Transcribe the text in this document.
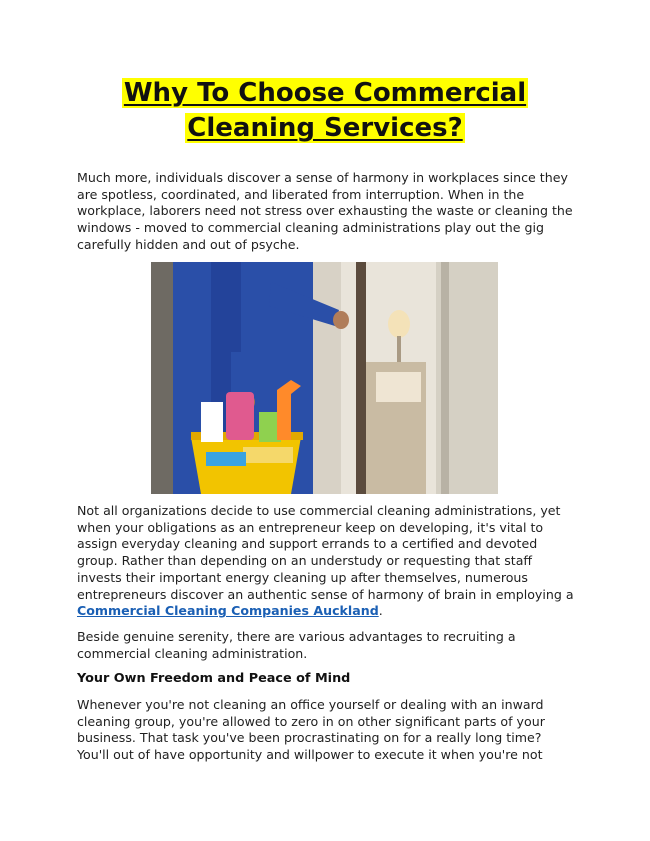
Why To Choose Commercial
Cleaning Services?

Much more, individuals discover a sense of harmony in workplaces since they are spotless, coordinated, and liberated from interruption. When in the workplace, laborers need not stress over exhausting the waste or cleaning the windows - moved to commercial cleaning administrations play out the gig carefully hidden and out of psyche.

Not all organizations decide to use commercial cleaning administrations, yet when your obligations as an entrepreneur keep on developing, it's vital to assign everyday cleaning and support errands to a certified and devoted group. Rather than depending on an understudy or requesting that staff invests their important energy cleaning up after themselves, numerous entrepreneurs discover an authentic sense of harmony of brain in employing a Commercial Cleaning Companies Auckland.

Beside genuine serenity, there are various advantages to recruiting a commercial cleaning administration.

Your Own Freedom and Peace of Mind

Whenever you're not cleaning an office yourself or dealing with an inward cleaning group, you're allowed to zero in on other significant parts of your business. That task you've been procrastinating on for a really long time? You'll out of have opportunity and willpower to execute it when you're not
